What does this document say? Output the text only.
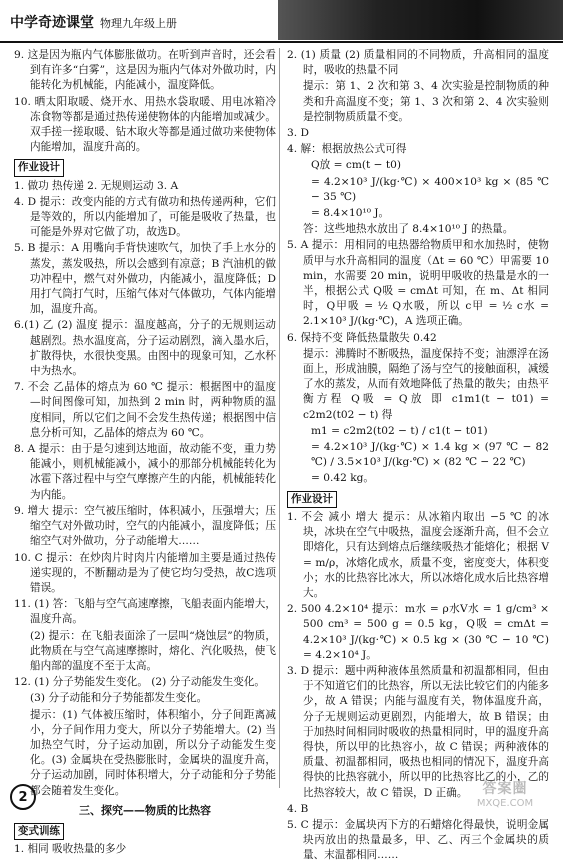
中学奇迹课堂 物理九年级上册
9. 这是因为瓶内气体膨胀做功。在听到声音时，还会看到有许多“白雾”，这是因为瓶内气体对外做功时，内能转化为机械能，内能减小，温度降低。
10. 晒太阳取暖、烧开水、用热水袋取暖、用电冰箱冷冻食物等都是通过热传递使物体的内能增加或减少。双手搓一搓取暖、钻木取火等都是通过做功来使物体内能增加，温度升高的。
作业设计
1. 做功 热传递 2. 无规则运动 3. A
4. D 提示：改变内能的方式有做功和热传递两种，它们是等效的，所以内能增加了，可能是吸收了热量，也可能是外界对它做了功，故选D。
5. B 提示：A 用嘴向手背快速吹气，加快了手上水分的蒸发，蒸发吸热，所以会感到有凉意；B 汽油机的做功冲程中，燃气对外做功，内能减小，温度降低；D 用打气筒打气时，压缩气体对气体做功，气体内能增加，温度升高。
6.(1) 乙 (2) 温度 提示：温度越高，分子的无规则运动越剧烈。热水温度高，分子运动剧烈，滴入墨水后，扩散得快，水很快变黑。由图中的现象可知，乙水杯中为热水。
7. 不会 乙晶体的熔点为 60 ℃ 提示：根据图中的温度—时间图像可知，加热到 2 min 时，两种物质的温度相同，所以它们之间不会发生热传递；根据图中信息分析可知，乙晶体的熔点为 60 ℃。
8. A 提示：由于是匀速到达地面，故动能不变，重力势能减小，则机械能减小，减小的那部分机械能转化为冰雹下落过程中与空气摩擦产生的内能，机械能转化为内能。
9. 增大 提示：空气被压缩时，体积减小，压强增大；压缩空气对外做功时，空气的内能减小，温度降低；压缩空气对外做功，分子动能增大……
10. C 提示：在炒肉片时肉片内能增加主要是通过热传递实现的，不断翻动是为了使它均匀受热，故C选项错误。
11. (1) 答：飞船与空气高速摩擦，飞船表面内能增大，温度升高。
(2) 提示：在飞船表面涂了一层叫“烧蚀层”的物质，此物质在与空气高速摩擦时，熔化、汽化吸热，使飞船内部的温度不至于太高。
12. (1) 分子势能发生变化。 (2) 分子动能发生变化。
(3) 分子动能和分子势能都发生变化。
提示：(1) 气体被压缩时，体积缩小，分子间距离减小，分子间作用力变大，所以分子势能增大。(2) 当加热空气时，分子运动加剧，所以分子动能发生变化。(3) 金属块在受热膨胀时，金属块的温度升高，分子运动加剧，同时体积增大，分子动能和分子势能都会随着发生变化。
三、探究——物质的比热容
变式训练
1. 相同 吸收热量的多少
2. (1) 质量 (2) 质量相同的不同物质，升高相同的温度时，吸收的热量不同
提示：第 1、2 次和第 3、4 次实验是控制物质的种类和升高温度不变；第 1、3 次和第 2、4 次实验则是控制物质质量不变。
3. D
4. 解：根据放热公式可得
Q放 = cm(t − t0)
= 4.2×10³ J/(kg·℃) × 400×10³ kg × (85 ℃ − 35 ℃)
= 8.4×10¹⁰ J。
答：这些地热水放出了 8.4×10¹⁰ J 的热量。
5. A 提示：用相同的电热器给物质甲和水加热时，使物质甲与水升高相同的温度（Δt = 60 ℃）甲需要 10 min，水需要 20 min，说明甲吸收的热量是水的一半，根据公式 Q吸 = cmΔt 可知，在 m、Δt 相同时，Q甲吸 = ½ Q水吸，所以 c甲 = ½ c水 = 2.1×10³ J/(kg·℃)，A 选项正确。
6. 保持不变 降低热量散失 0.42
提示：沸腾时不断吸热，温度保持不变；油漂浮在汤面上，形成油膜，隔绝了汤与空气的接触面积，减缓了水的蒸发，从而有效地降低了热量的散失；由热平衡方程 Q吸 = Q放 即 c1m1(t − t01) = c2m2(t02 − t) 得
m1 = c2m2(t02 − t) / c1(t − t01)
= 4.2×10³ J/(kg·℃) × 1.4 kg × (97 ℃ − 82 ℃) / 3.5×10³ J/(kg·℃) × (82 ℃ − 22 ℃)
= 0.42 kg。
作业设计
1. 不会 减小 增大 提示：从冰箱内取出 −5 ℃ 的冰块，冰块在空气中吸热，温度会逐渐升高，但不会立即熔化，只有达到熔点后继续吸热才能熔化；根据 V = m/ρ，冰熔化成水，质量不变，密度变大，体积变小；水的比热容比冰大，所以冰熔化成水后比热容增大。
2. 500 4.2×10⁴ 提示：m水 = ρ水V水 = 1 g/cm³ × 500 cm³ = 500 g = 0.5 kg，Q吸 = cmΔt = 4.2×10³ J/(kg·℃) × 0.5 kg × (30 ℃ − 10 ℃) = 4.2×10⁴ J。
3. D 提示：题中两种液体虽然质量和初温都相同，但由于不知道它们的比热容，所以无法比较它们的内能多少，故 A 错误；内能与温度有关，物体温度升高，分子无规则运动更剧烈，内能增大，故 B 错误；由于加热时间相同时吸收的热量相同时，甲的温度升高得快，所以甲的比热容小，故 C 错误；两种液体的质量、初温都相同，吸热也相同的情况下，温度升高得快的比热容就小，所以甲的比热容比乙的小，乙的比热容较大，故 C 错误，D 正确。
4. B
5. C 提示：金属块丙下方的石蜡熔化得最快，说明金属块丙放出的热量最多，甲、乙、丙三个金属块的质量、末温都相同……
2
答案圈
MXQE.COM
